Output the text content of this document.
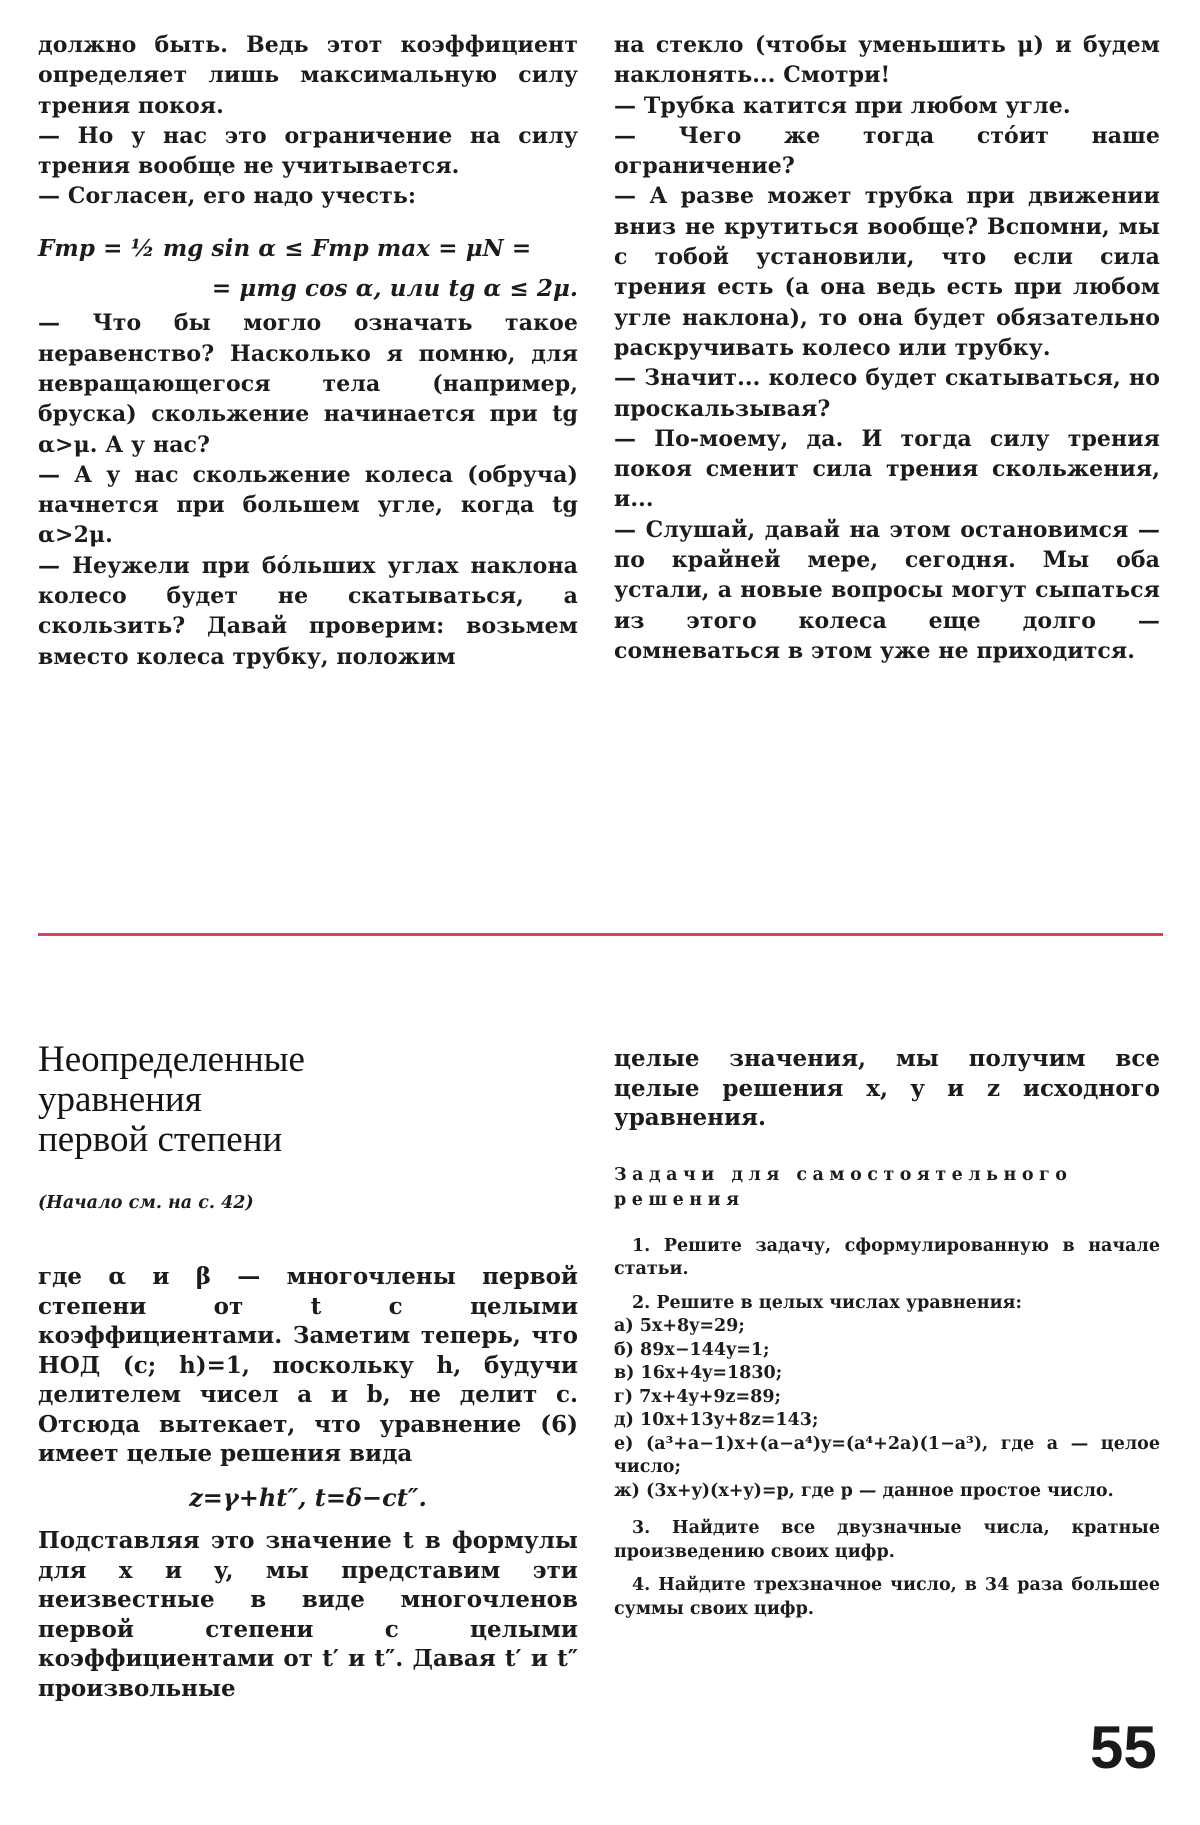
должно быть. Ведь этот коэффициент определяет лишь максимальную силу трения покоя.

— Но у нас это ограничение на силу трения вообще не учитывается.

— Согласен, его надо учесть:

Fтр = ½ mg sin α ≤ Fтр max = μN =
= μmg cos α, или tg α ≤ 2μ.

— Что бы могло означать такое неравенство? Насколько я помню, для невращающегося тела (например, бруска) скольжение начинается при tg α>μ. А у нас?

— А у нас скольжение колеса (обруча) начнется при большем угле, когда tg α>2μ.

— Неужели при бóльших углах наклона колесо будет не скатываться, а скользить? Давай проверим: возьмем вместо колеса трубку, положим

на стекло (чтобы уменьшить μ) и будем наклонять... Смотри!

— Трубка катится при любом угле.

— Чего же тогда стóит наше ограничение?

— А разве может трубка при движении вниз не крутиться вообще? Вспомни, мы с тобой установили, что если сила трения есть (а она ведь есть при любом угле наклона), то она будет обязательно раскручивать колесо или трубку.

— Значит... колесо будет скатываться, но проскальзывая?

— По-моему, да. И тогда силу трения покоя сменит сила трения скольжения, и...

— Слушай, давай на этом остановимся — по крайней мере, сегодня. Мы оба устали, а новые вопросы могут сыпаться из этого колеса еще долго — сомневаться в этом уже не приходится.

Неопределенные
уравнения
первой степени
(Начало см. на с. 42)

где α и β — многочлены первой степени от t с целыми коэффициентами. Заметим теперь, что НОД (c; h)=1, поскольку h, будучи делителем чисел a и b, не делит c. Отсюда вытекает, что уравнение (6) имеет целые решения вида

z=γ+ht″, t=δ−ct″.

Подставляя это значение t в формулы для x и y, мы представим эти неизвестные в виде многочленов первой степени с целыми коэффициентами от t′ и t″. Давая t′ и t″ произвольные

целые значения, мы получим все целые решения x, y и z исходного уравнения.

Задачи для самостоятельного решения

1. Решите задачу, сформулированную в начале статьи.

2. Решите в целых числах уравнения:

а) 5x+8y=29;

б) 89x−144y=1;

в) 16x+4y=1830;

г) 7x+4y+9z=89;

д) 10x+13y+8z=143;

е) (a³+a−1)x+(a−a⁴)y=(a⁴+2a)(1−a³), где a — целое число;

ж) (3x+y)(x+y)=p, где p — данное простое число.

3. Найдите все двузначные числа, кратные произведению своих цифр.

4. Найдите трехзначное число, в 34 раза большее суммы своих цифр.

55
